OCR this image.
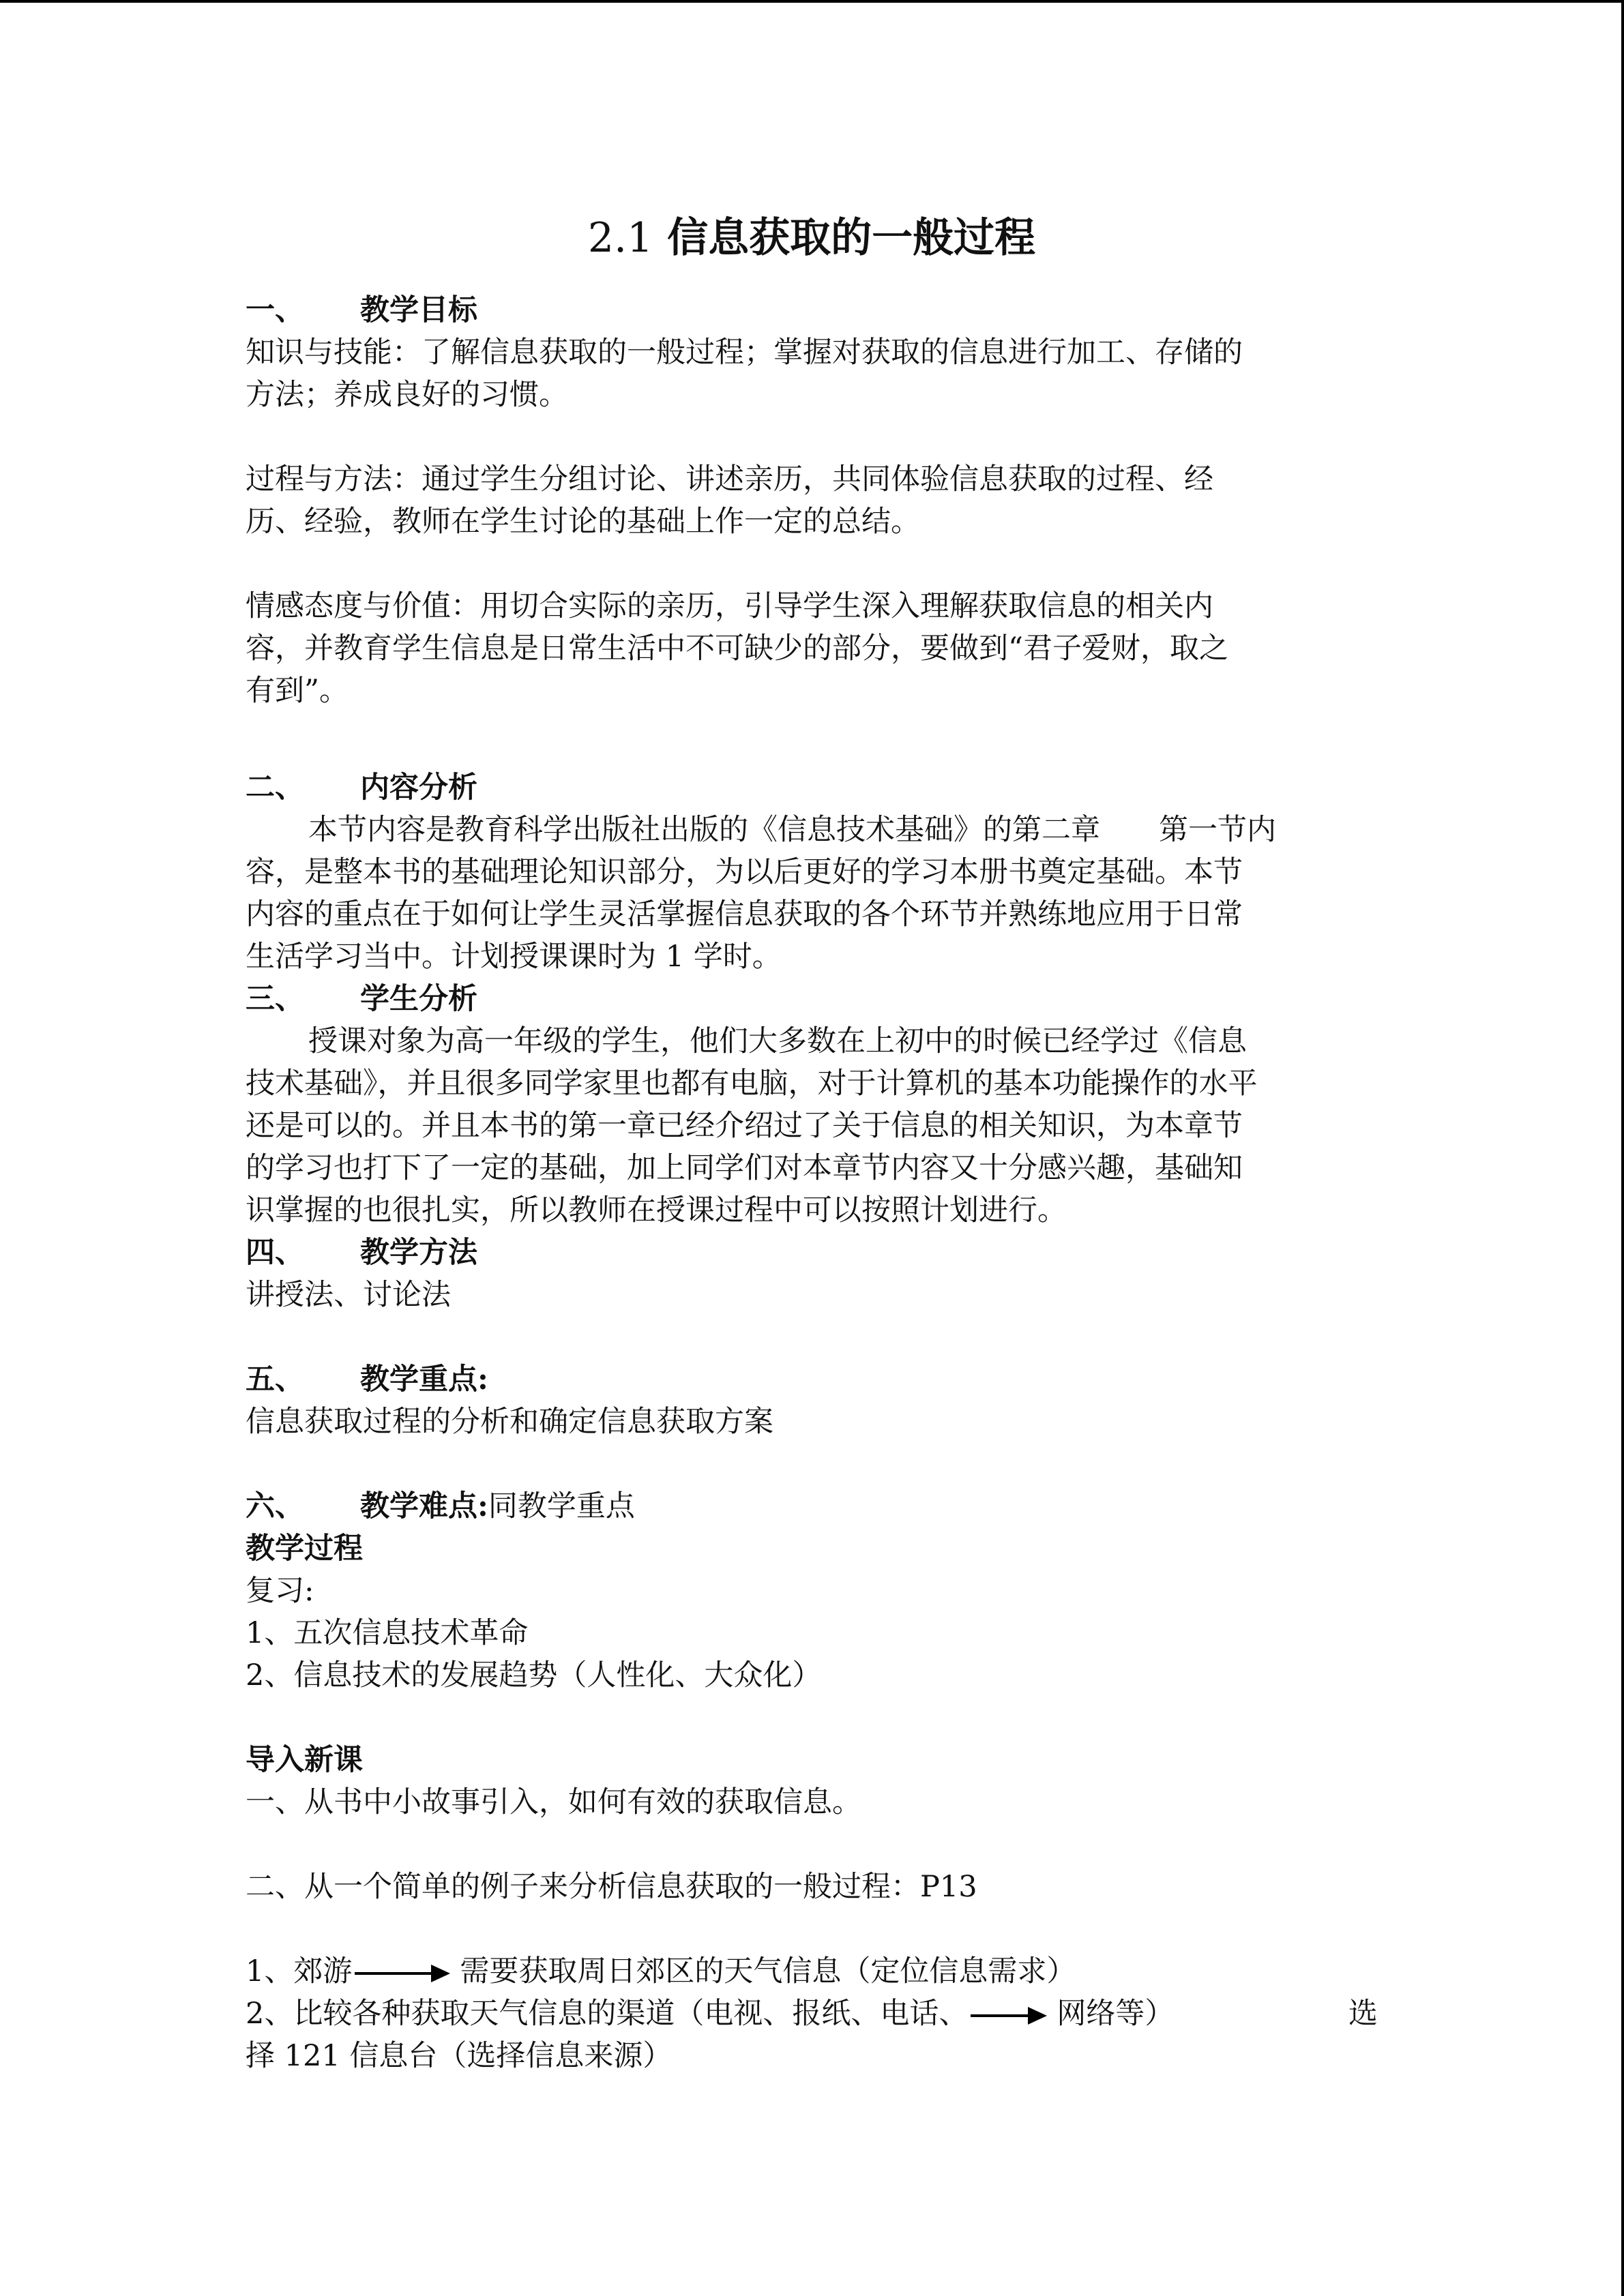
2.1 信息获取的一般过程
一、 教学目标
知识与技能：了解信息获取的一般过程；掌握对获取的信息进行加工、存储的
方法；养成良好的习惯。
过程与方法：通过学生分组讨论、讲述亲历，共同体验信息获取的过程、经
历、经验，教师在学生讨论的基础上作一定的总结。
情感态度与价值：用切合实际的亲历，引导学生深入理解获取信息的相关内
容，并教育学生信息是日常生活中不可缺少的部分，要做到“君子爱财，取之
有到”。
二、 内容分析
本节内容是教育科学出版社出版的《信息技术基础》的第二章　　第一节内
容，是整本书的基础理论知识部分，为以后更好的学习本册书奠定基础。本节
内容的重点在于如何让学生灵活掌握信息获取的各个环节并熟练地应用于日常
生活学习当中。计划授课课时为 1 学时。
三、 学生分析
授课对象为高一年级的学生，他们大多数在上初中的时候已经学过《信息
技术基础》，并且很多同学家里也都有电脑，对于计算机的基本功能操作的水平
还是可以的。并且本书的第一章已经介绍过了关于信息的相关知识，为本章节
的学习也打下了一定的基础，加上同学们对本章节内容又十分感兴趣，基础知
识掌握的也很扎实，所以教师在授课过程中可以按照计划进行。
四、 教学方法
讲授法、讨论法
五、 教学重点:
信息获取过程的分析和确定信息获取方案
六、 教学难点:同教学重点
教学过程
复习:
1、五次信息技术革命
2、信息技术的发展趋势（人性化、大众化）
导入新课
一、从书中小故事引入，如何有效的获取信息。
二、从一个简单的例子来分析信息获取的一般过程：P13
1、郊游	需要获取周日郊区的天气信息（定位信息需求）
2、比较各种获取天气信息的渠道（电视、报纸、电话、	网络等）	选
择 121 信息台（选择信息来源）
